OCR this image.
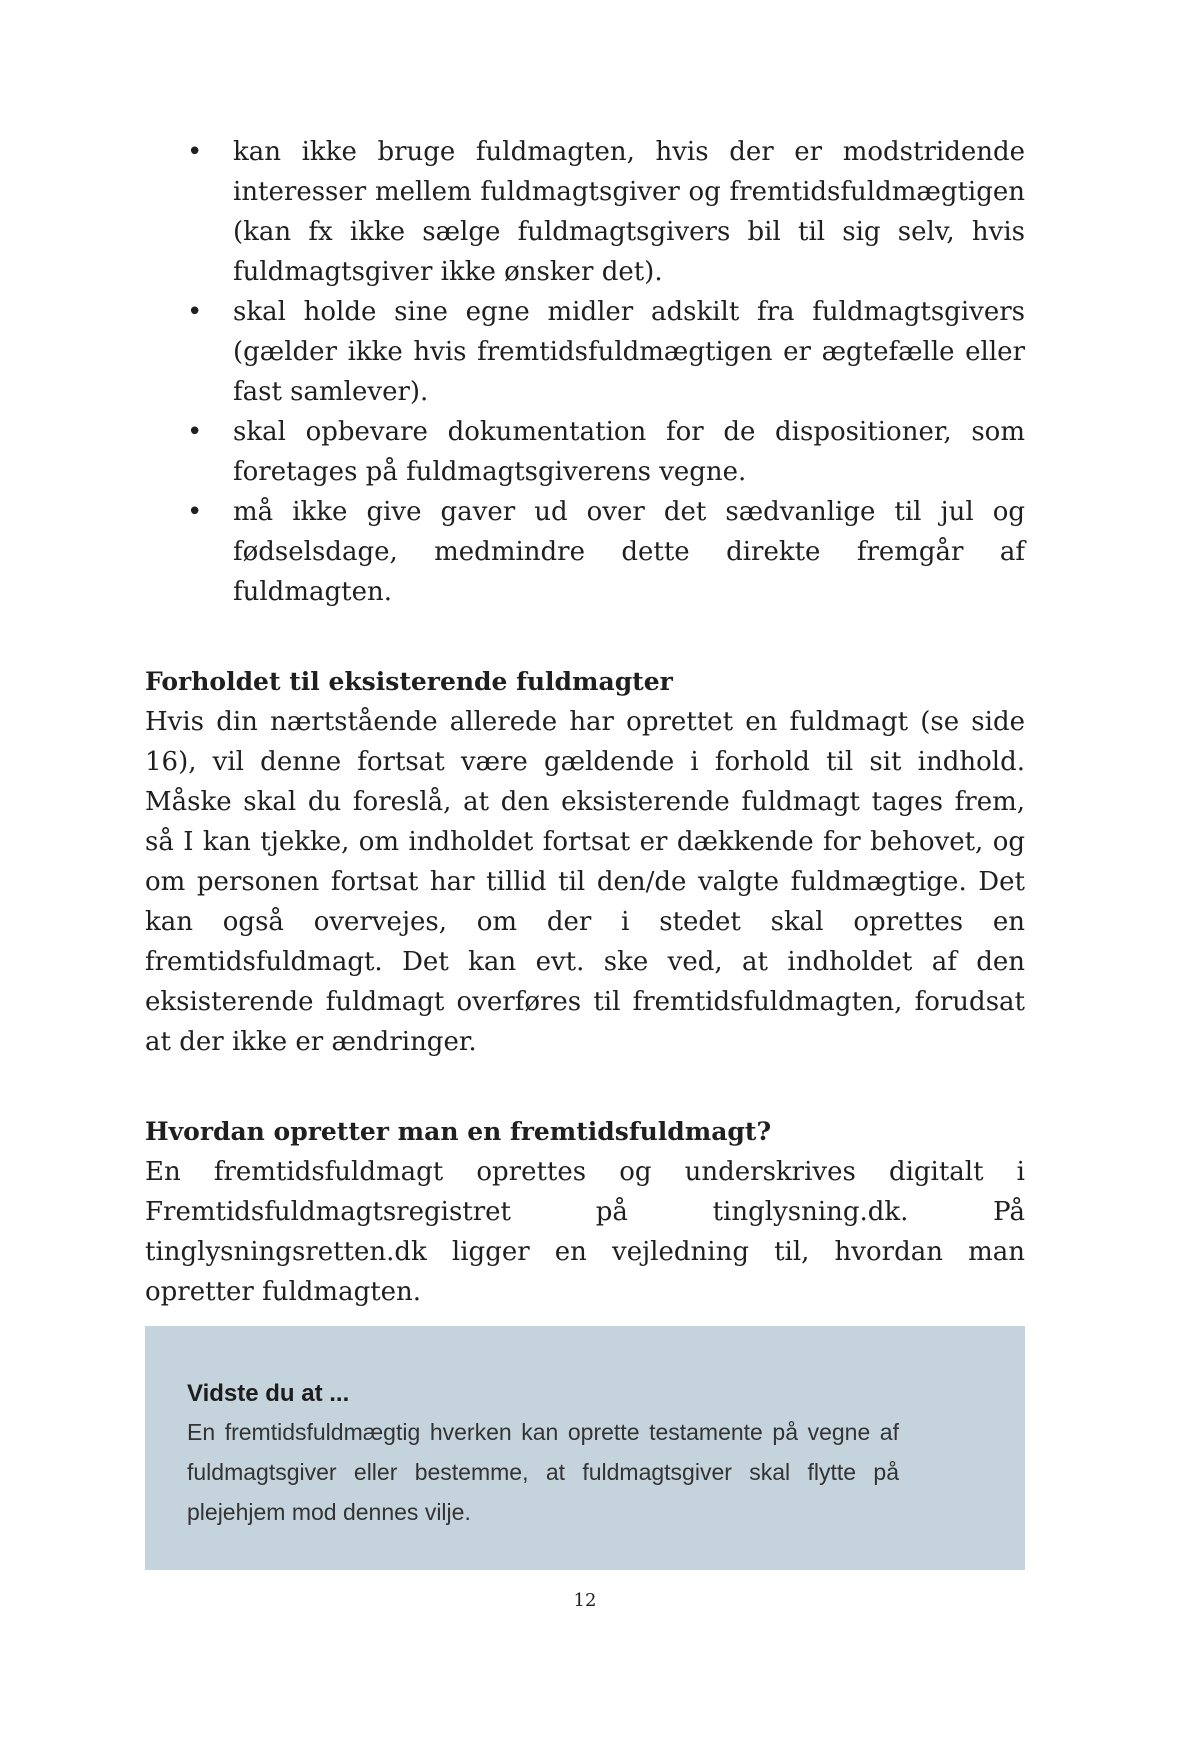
• kan ikke bruge fuldmagten, hvis der er modstridende interesser mellem fuldmagtsgiver og fremtidsfuldmægtigen (kan fx ikke sælge fuldmagtsgivers bil til sig selv, hvis fuldmagtsgiver ikke ønsker det).
• skal holde sine egne midler adskilt fra fuldmagtsgivers (gælder ikke hvis fremtidsfuldmægtigen er ægtefælle eller fast samlever).
• skal opbevare dokumentation for de dispositioner, som foretages på fuldmagtsgiverens vegne.
• må ikke give gaver ud over det sædvanlige til jul og fødselsdage, medmindre dette direkte fremgår af fuldmagten.
Forholdet til eksisterende fuldmagter

Hvis din nærtstående allerede har oprettet en fuldmagt (se side 16), vil denne fortsat være gældende i forhold til sit indhold. Måske skal du foreslå, at den eksisterende fuldmagt tages frem, så I kan tjekke, om indholdet fortsat er dækkende for behovet, og om personen fortsat har tillid til den/de valgte fuldmægtige. Det kan også overvejes, om der i stedet skal oprettes en fremtidsfuldmagt. Det kan evt. ske ved, at indholdet af den eksisterende fuldmagt overføres til fremtidsfuldmagten, forudsat at der ikke er ændringer.

Hvordan opretter man en fremtidsfuldmagt?

En fremtidsfuldmagt oprettes og underskrives digitalt i Fremtidsfuldmagtsregistret på tinglysning.dk. På tinglysningsretten.dk ligger en vejledning til, hvordan man opretter fuldmagten.

Vidste du at ...

En fremtidsfuldmægtig hverken kan oprette testamente på vegne af fuldmagtsgiver eller bestemme, at fuldmagtsgiver skal flytte på plejehjem mod dennes vilje.

12
